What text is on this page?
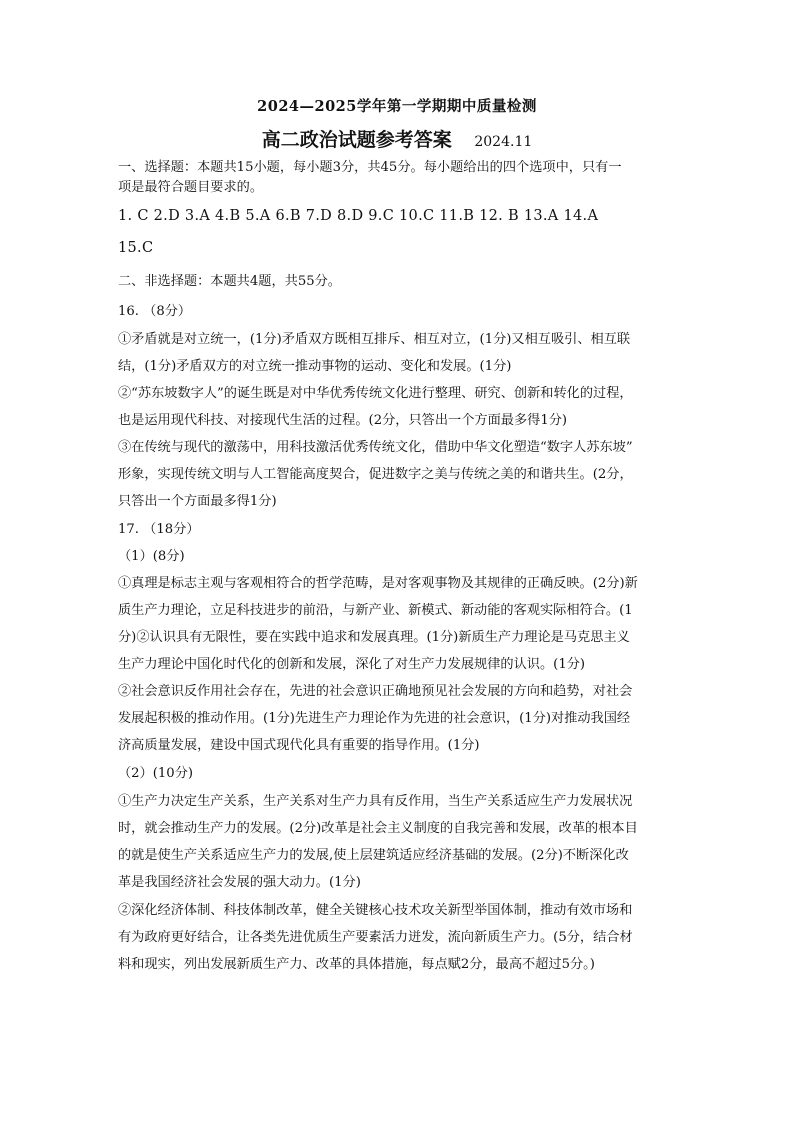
2024—2025学年第一学期期中质量检测
高二政治试题参考答案 2024.11
一、选择题：本题共15小题，每小题3分，共45分。每小题给出的四个选项中，只有一
项是最符合题目要求的。
1. C 2.D 3.A 4.B 5.A 6.B 7.D 8.D 9.C 10.C 11.B 12. B 13.A 14.A
15.C
二、非选择题：本题共4题，共55分。
16. （8分）
①矛盾就是对立统一，(1分)矛盾双方既相互排斥、相互对立，(1分)又相互吸引、相互联
结，(1分)矛盾双方的对立统一推动事物的运动、变化和发展。(1分)
②“苏东坡数字人”的诞生既是对中华优秀传统文化进行整理、研究、创新和转化的过程，
也是运用现代科技、对接现代生活的过程。(2分，只答出一个方面最多得1分)
③在传统与现代的激荡中，用科技激活优秀传统文化，借助中华文化塑造“数字人苏东坡”
形象，实现传统文明与人工智能高度契合，促进数字之美与传统之美的和谐共生。(2分，
只答出一个方面最多得1分)
17. （18分）
（1）(8分)
①真理是标志主观与客观相符合的哲学范畴，是对客观事物及其规律的正确反映。(2分)新
质生产力理论，立足科技进步的前沿，与新产业、新模式、新动能的客观实际相符合。(1
分)②认识具有无限性，要在实践中追求和发展真理。(1分)新质生产力理论是马克思主义
生产力理论中国化时代化的创新和发展，深化了对生产力发展规律的认识。(1分)
②社会意识反作用社会存在，先进的社会意识正确地预见社会发展的方向和趋势，对社会
发展起积极的推动作用。(1分)先进生产力理论作为先进的社会意识，(1分)对推动我国经
济高质量发展，建设中国式现代化具有重要的指导作用。(1分)
（2）(10分)
①生产力决定生产关系，生产关系对生产力具有反作用，当生产关系适应生产力发展状况
时，就会推动生产力的发展。(2分)改革是社会主义制度的自我完善和发展，改革的根本目
的就是使生产关系适应生产力的发展,使上层建筑适应经济基础的发展。(2分)不断深化改
革是我国经济社会发展的强大动力。(1分)
②深化经济体制、科技体制改革，健全关键核心技术攻关新型举国体制，推动有效市场和
有为政府更好结合，让各类先进优质生产要素活力迸发，流向新质生产力。(5分，结合材
料和现实，列出发展新质生产力、改革的具体措施，每点赋2分，最高不超过5分。)
